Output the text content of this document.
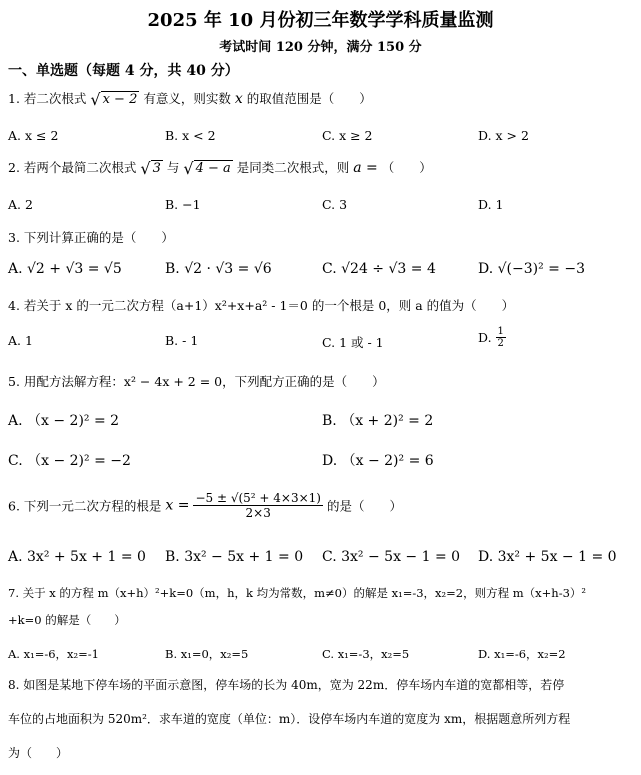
2025 年 10 月份初三年数学学科质量监测
考试时间 120 分钟，满分 150 分
一、单选题（每题 4 分，共 40 分）
1. 若二次根式 √ x − 2 有意义，则实数 x 的取值范围是（　　）
A. x ≤ 2	B. x < 2	C. x ≥ 2	D. x > 2
2. 若两个最简二次根式 √ 3 与 √ 4 − a 是同类二次根式，则 a = （　　）
A. 2	B. −1	C. 3	D. 1
3. 下列计算正确的是（　　）
A. √2 + √3 = √5	B. √2 · √3 = √6	C. √24 ÷ √3 = 4	D. √(−3)² = −3
4. 若关于 x 的一元二次方程（a+1）x²+x+a² - 1＝0 的一个根是 0，则 a 的值为（　　）
A. 1	B. - 1	C. 1 或 - 1	D. $\frac{1}{2}$
5. 用配方法解方程：x² − 4x + 2 = 0，下列配方正确的是（　　）
A. （x − 2)² = 2	B. （x + 2)² = 2
C. （x − 2)² = −2	D. （x − 2)² = 6
6. 下列一元二次方程的根是 $x = \frac{\text{−5 ± √(5² + 4×3×1)}}{2\times 3}$ 的是（　　）
A. 3x² + 5x + 1 = 0 B. 3x² − 5x + 1 = 0 C. 3x² − 5x − 1 = 0 D. 3x² + 5x − 1 = 0
7. 关于 x 的方程 m（x+h）²+k=0（m，h，k 均为常数，m≠0）的解是 x₁=-3，x₂=2，则方程 m（x+h-3）²
+k=0 的解是（　　）
A. x₁=-6，x₂=-1	B. x₁=0，x₂=5	C. x₁=-3，x₂=5	D. x₁=-6，x₂=2
8. 如图是某地下停车场的平面示意图，停车场的长为 40m，宽为 22m．停车场内车道的宽都相等，若停
车位的占地面积为 520m²．求车道的宽度（单位：m）．设停车场内车道的宽度为 xm，根据题意所列方程
为（　　）
